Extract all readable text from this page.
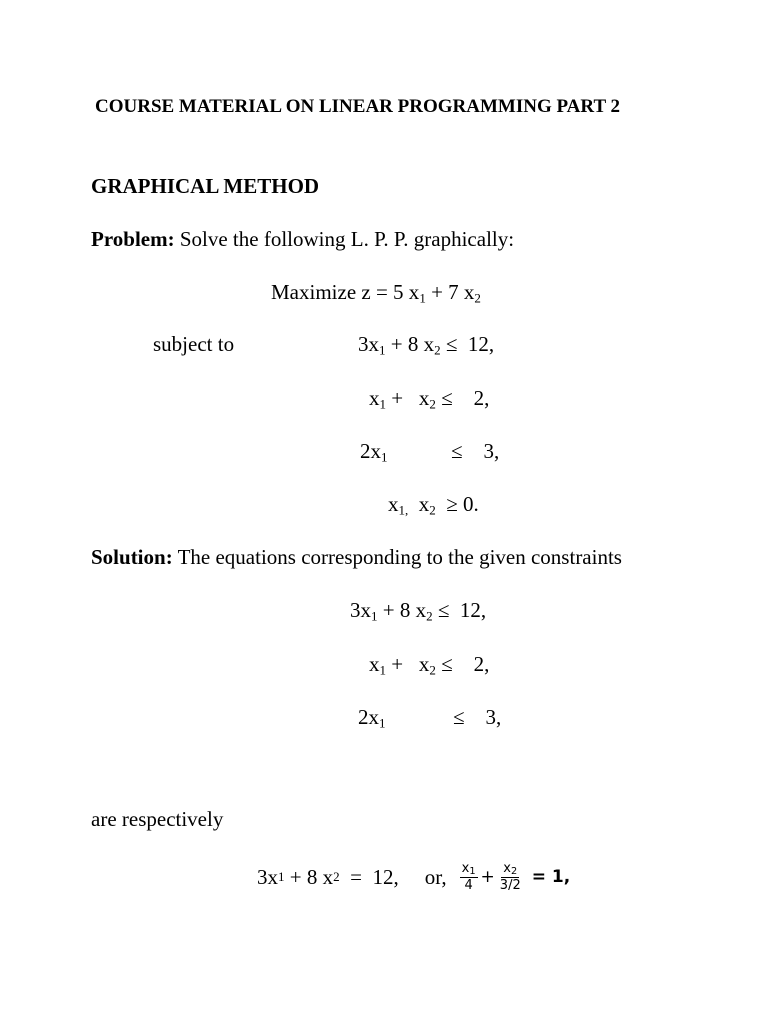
COURSE MATERIAL ON LINEAR PROGRAMMING PART 2
GRAPHICAL METHOD
Problem: Solve the following L. P. P. graphically:
Maximize z = 5 $x_1 + 7$ $x_2$
subject to	$3x_1 + 8$ $x_2 \le 12$,
$x_1 + x_2$ ≤    2,
$2x_1$	≤    3,
$x_{1,}$  $x_2 \ge 0$.
Solution: The equations corresponding to the given constraints
$3x_1 + 8$ $x_2 \le 12$,
$x_1 + x_2$ ≤    2,
$2x_1$	≤    3,
are respectively
3x 1 + 8 x 2 =  12, or, $\frac{x_1}{4} + \frac{x_2}{3/2} = 1$,
